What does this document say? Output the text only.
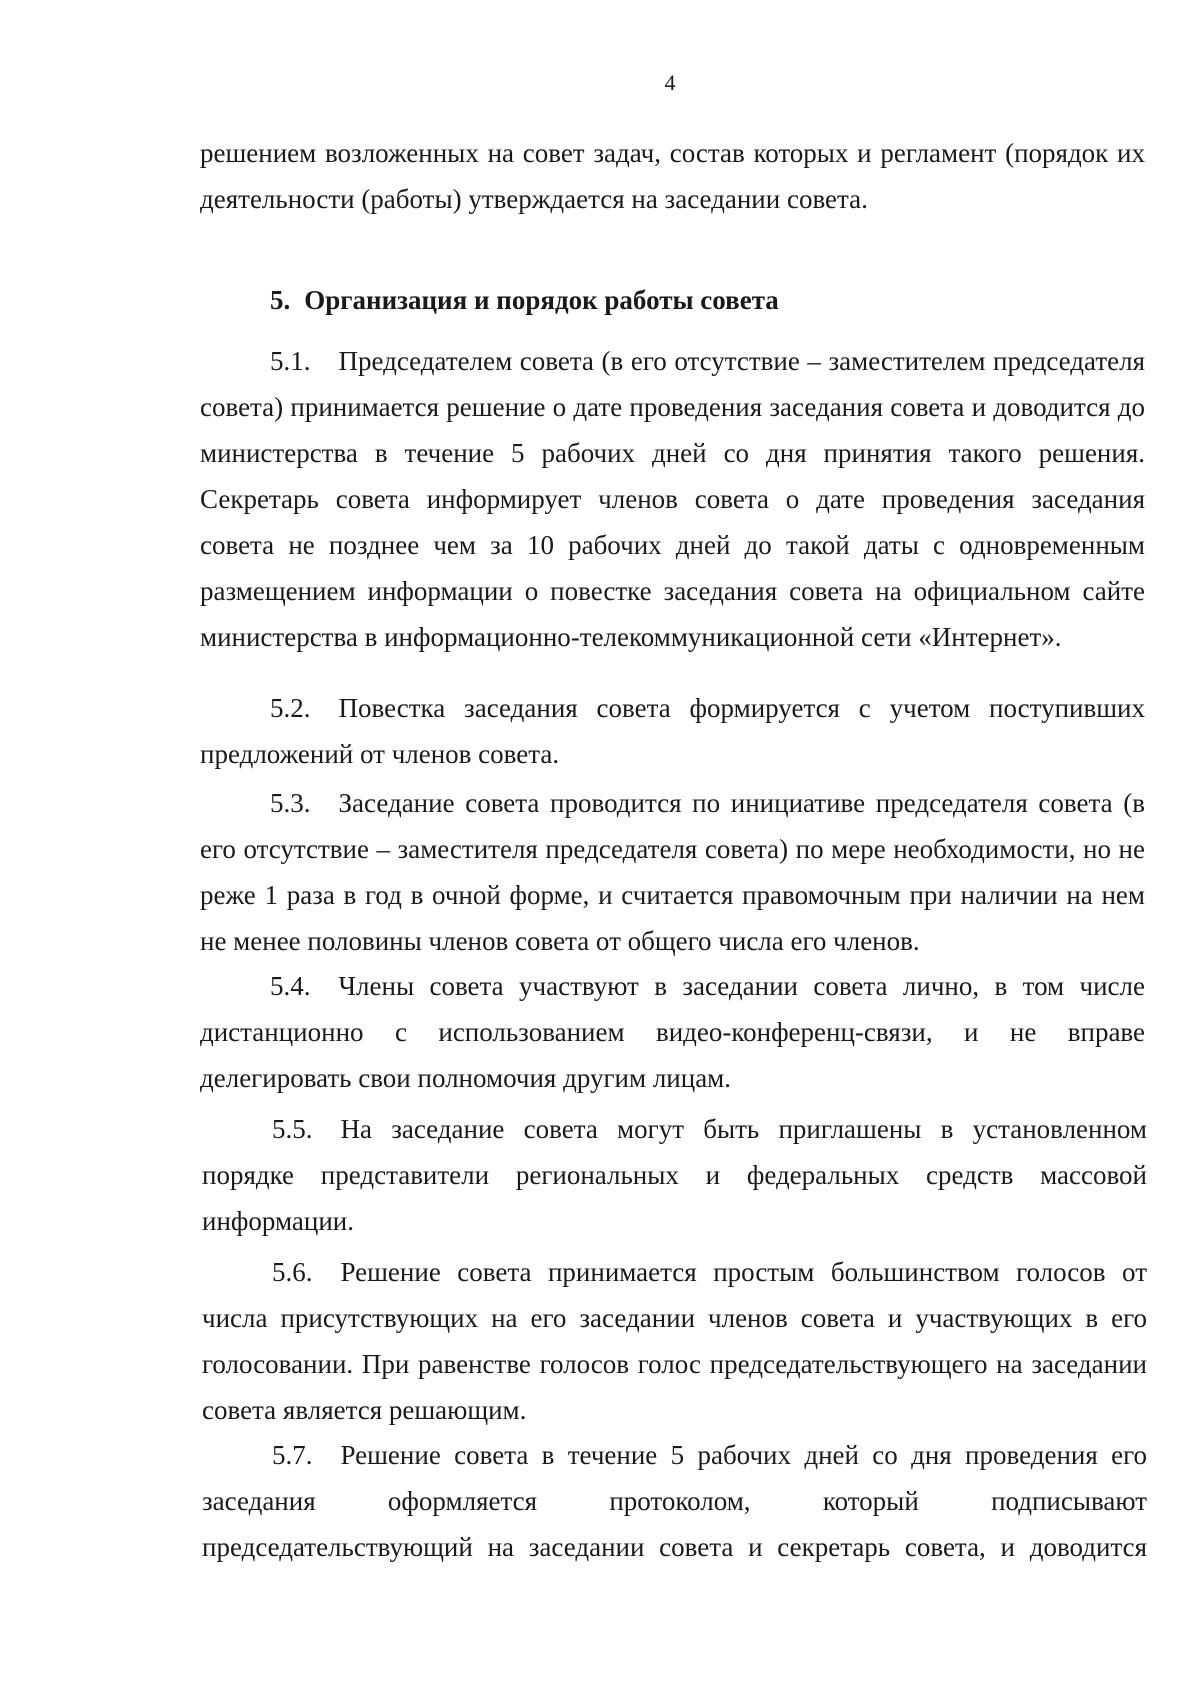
4

решением возложенных на совет задач, состав которых и регламент (порядок их деятельности (работы) утверждается на заседании совета.

5. Организация и порядок работы совета

5.1. Председателем совета (в его отсутствие – заместителем председателя совета) принимается решение о дате проведения заседания совета и доводится до министерства в течение 5 рабочих дней со дня принятия такого решения. Секретарь совета информирует членов совета о дате проведения заседания совета не позднее чем за 10 рабочих дней до такой даты с одновременным размещением информации о повестке заседания совета на официальном сайте министерства в информационно-телекоммуникационной сети «Интернет».

5.2. Повестка заседания совета формируется с учетом поступивших предложений от членов совета.

5.3. Заседание совета проводится по инициативе председателя совета (в его отсутствие – заместителя председателя совета) по мере необходимости, но не реже 1 раза в год в очной форме, и считается правомочным при наличии на нем не менее половины членов совета от общего числа его членов.

5.4. Члены совета участвуют в заседании совета лично, в том числе дистанционно с использованием видео-конференц-связи, и не вправе делегировать свои полномочия другим лицам.

5.5. На заседание совета могут быть приглашены в установленном порядке представители региональных и федеральных средств массовой информации.

5.6. Решение совета принимается простым большинством голосов от числа присутствующих на его заседании членов совета и участвующих в его голосовании. При равенстве голосов голос председательствующего на заседании совета является решающим.

5.7. Решение совета в течение 5 рабочих дней со дня проведения его заседания оформляется протоколом, который подписывают председательствующий на заседании совета и секретарь совета, и доводится
